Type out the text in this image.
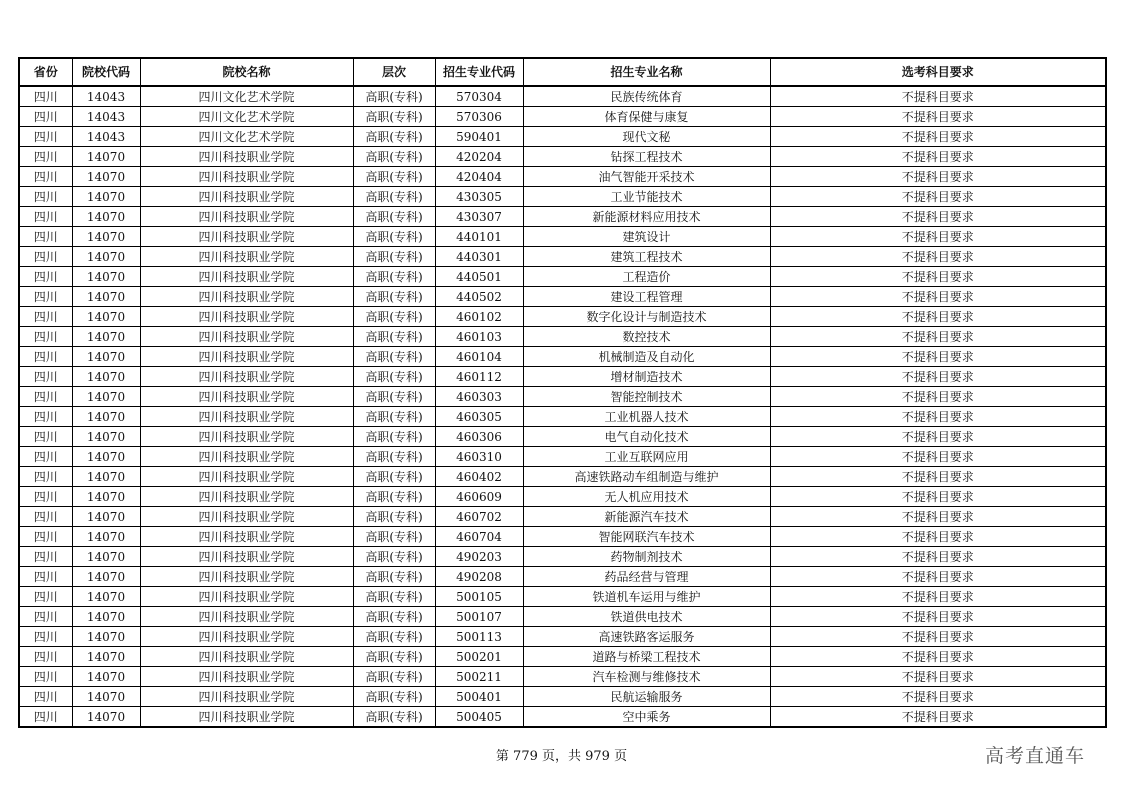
省份	院校代码	院校名称	层次	招生专业代码	招生专业名称	选考科目要求
四川	14043	四川文化艺术学院	高职(专科)	570304	民族传统体育	不提科目要求
四川	14043	四川文化艺术学院	高职(专科)	570306	体育保健与康复	不提科目要求
四川	14043	四川文化艺术学院	高职(专科)	590401	现代文秘	不提科目要求
四川	14070	四川科技职业学院	高职(专科)	420204	钻探工程技术	不提科目要求
四川	14070	四川科技职业学院	高职(专科)	420404	油气智能开采技术	不提科目要求
四川	14070	四川科技职业学院	高职(专科)	430305	工业节能技术	不提科目要求
四川	14070	四川科技职业学院	高职(专科)	430307	新能源材料应用技术	不提科目要求
四川	14070	四川科技职业学院	高职(专科)	440101	建筑设计	不提科目要求
四川	14070	四川科技职业学院	高职(专科)	440301	建筑工程技术	不提科目要求
四川	14070	四川科技职业学院	高职(专科)	440501	工程造价	不提科目要求
四川	14070	四川科技职业学院	高职(专科)	440502	建设工程管理	不提科目要求
四川	14070	四川科技职业学院	高职(专科)	460102	数字化设计与制造技术	不提科目要求
四川	14070	四川科技职业学院	高职(专科)	460103	数控技术	不提科目要求
四川	14070	四川科技职业学院	高职(专科)	460104	机械制造及自动化	不提科目要求
四川	14070	四川科技职业学院	高职(专科)	460112	增材制造技术	不提科目要求
四川	14070	四川科技职业学院	高职(专科)	460303	智能控制技术	不提科目要求
四川	14070	四川科技职业学院	高职(专科)	460305	工业机器人技术	不提科目要求
四川	14070	四川科技职业学院	高职(专科)	460306	电气自动化技术	不提科目要求
四川	14070	四川科技职业学院	高职(专科)	460310	工业互联网应用	不提科目要求
四川	14070	四川科技职业学院	高职(专科)	460402	高速铁路动车组制造与维护	不提科目要求
四川	14070	四川科技职业学院	高职(专科)	460609	无人机应用技术	不提科目要求
四川	14070	四川科技职业学院	高职(专科)	460702	新能源汽车技术	不提科目要求
四川	14070	四川科技职业学院	高职(专科)	460704	智能网联汽车技术	不提科目要求
四川	14070	四川科技职业学院	高职(专科)	490203	药物制剂技术	不提科目要求
四川	14070	四川科技职业学院	高职(专科)	490208	药品经营与管理	不提科目要求
四川	14070	四川科技职业学院	高职(专科)	500105	铁道机车运用与维护	不提科目要求
四川	14070	四川科技职业学院	高职(专科)	500107	铁道供电技术	不提科目要求
四川	14070	四川科技职业学院	高职(专科)	500113	高速铁路客运服务	不提科目要求
四川	14070	四川科技职业学院	高职(专科)	500201	道路与桥梁工程技术	不提科目要求
四川	14070	四川科技职业学院	高职(专科)	500211	汽车检测与维修技术	不提科目要求
四川	14070	四川科技职业学院	高职(专科)	500401	民航运输服务	不提科目要求
四川	14070	四川科技职业学院	高职(专科)	500405	空中乘务	不提科目要求
第 779 页，共 979 页	高考直通车
